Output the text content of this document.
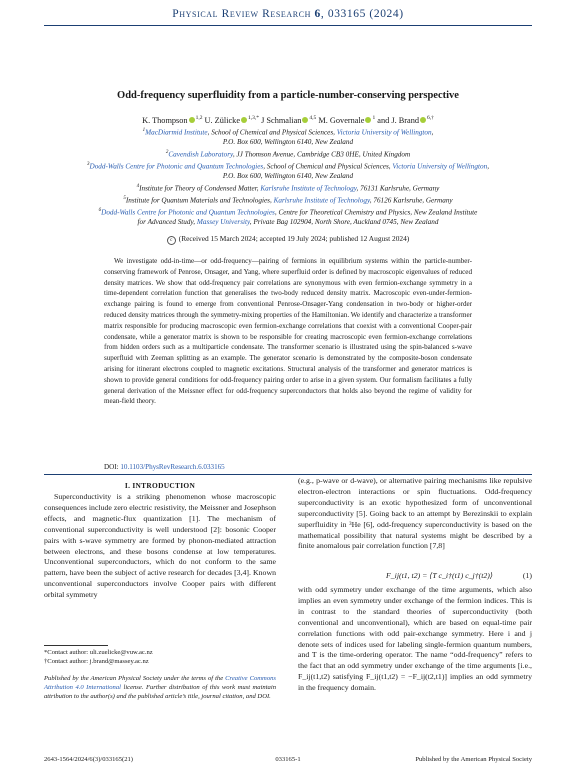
Physical Review Research 6, 033165 (2024)
Odd-frequency superfluidity from a particle-number-conserving perspective
K. Thompson $^{1,2}$ U. Zülicke $^{1,3,*}$ J Schmalian $^{4,5}$ M. Governale $^1$ and J. Brand $^{6,\dagger}$
$^1$MacDiarmid Institute, School of Chemical and Physical Sciences, Victoria University of Wellington,
P.O. Box 600, Wellington 6140, New Zealand
$^2$Cavendish Laboratory, JJ Thomson Avenue, Cambridge CB3 0HE, United Kingdom
$^3$Dodd-Walls Centre for Photonic and Quantum Technologies, School of Chemical and Physical Sciences, Victoria University of Wellington,
P.O. Box 600, Wellington 6140, New Zealand
$^4$Institute for Theory of Condensed Matter, Karlsruhe Institute of Technology, 76131 Karlsruhe, Germany
$^5$Institute for Quantum Materials and Technologies, Karlsruhe Institute of Technology, 76126 Karlsruhe, Germany
$^6$Dodd-Walls Centre for Photonic and Quantum Technologies, Centre for Theoretical Chemistry and Physics, New Zealand Institute
for Advanced Study, Massey University, Private Bag 102904, North Shore, Auckland 0745, New Zealand
c (Received 15 March 2024; accepted 19 July 2024; published 12 August 2024)
We investigate odd-in-time—or odd-frequency—pairing of fermions in equilibrium systems within the particle-number-conserving framework of Penrose, Onsager, and Yang, where superfluid order is defined by macroscopic eigenvalues of reduced density matrices. We show that odd-frequency pair correlations are synonymous with even fermion-exchange symmetry in a time-dependent correlation function that generalises the two-body reduced density matrix. Macroscopic even-under-fermion-exchange pairing is found to emerge from conventional Penrose-Onsager-Yang condensation in two-body or higher-order reduced density matrices through the symmetry-mixing properties of the Hamiltonian. We identify and characterize a transformer matrix responsible for producing macroscopic even fermion-exchange correlations that coexist with a conventional Cooper-pair condensate, while a generator matrix is shown to be responsible for creating macroscopic even fermion-exchange correlations from hidden orders such as a multiparticle condensate. The transformer scenario is illustrated using the spin-balanced s-wave superfluid with Zeeman splitting as an example. The generator scenario is demonstrated by the composite-boson condensate arising for itinerant electrons coupled to magnetic excitations. Structural analysis of the transformer and generator matrices is shown to provide general conditions for odd-frequency pairing order to arise in a given system. Our formalism facilitates a fully general derivation of the Meissner effect for odd-frequency superconductors that holds also beyond the regime of validity for mean-field theory.
DOI: 10.1103/PhysRevResearch.6.033165
I. INTRODUCTION
Superconductivity is a striking phenomenon whose macroscopic consequences include zero electric resistivity, the Meissner and Josephson effects, and magnetic-flux quantization [1]. The mechanism of conventional superconductivity is well understood [2]: bosonic Cooper pairs with s-wave symmetry are formed by phonon-mediated attraction between electrons, and these bosons condense at low temperatures. Unconventional superconductors, which do not conform to the same pattern, have been the subject of active research for decades [3,4]. Known unconventional superconductors involve Cooper pairs with different orbital symmetry
(e.g., p-wave or d-wave), or alternative pairing mechanisms like repulsive electron-electron interactions or spin fluctuations. Odd-frequency superconductivity is an exotic hypothesized form of unconventional superconductivity [5]. Going back to an attempt by Berezinskii to explain superfluidity in ³He [6], odd-frequency superconductivity is based on the mathematical possibility that natural systems might be described by a finite anomalous pair correlation function [7,8]
F_ij(t1, t2) = ⟨T c_i†(t1) c_j†(t2)⟩	(1)
with odd symmetry under exchange of the time arguments, which also implies an even symmetry under exchange of the fermion indices. This is in contrast to the standard theories of superconductivity (both conventional and unconventional), which are based on equal-time pair correlation functions with odd pair-exchange symmetry. Here i and j denote sets of indices used for labeling single-fermion quantum numbers, and T is the time-ordering operator. The name “odd-frequency” refers to the fact that an odd symmetry under exchange of the time arguments [i.e., F_ij(t1,t2) satisfying F_ij(t1,t2) = −F_ij(t2,t1)] implies an odd symmetry in the frequency domain.
*Contact author: uli.zuelicke@vuw.ac.nz
†Contact author: j.brand@massey.ac.nz
Published by the American Physical Society under the terms of the Creative Commons Attribution 4.0 International license. Further distribution of this work must maintain attribution to the author(s) and the published article’s title, journal citation, and DOI.
2643-1564/2024/6(3)/033165(21)	033165-1	Published by the American Physical Society
